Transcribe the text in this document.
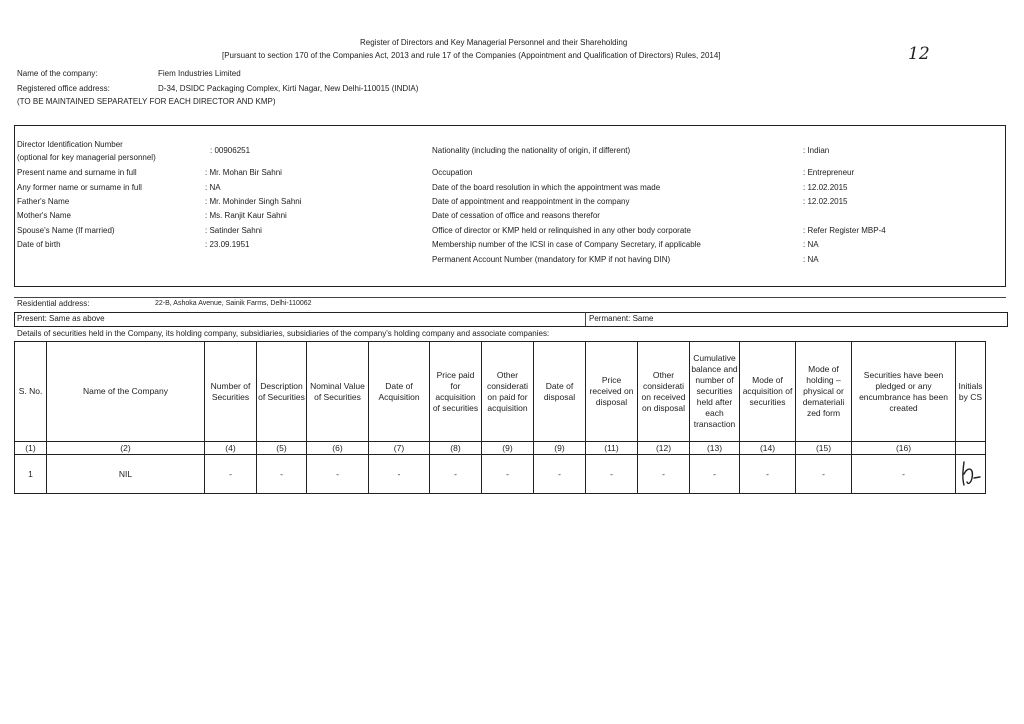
Register of Directors and Key Managerial Personnel and their Shareholding
[Pursuant to section 170 of the Companies Act, 2013 and rule 17 of the Companies (Appointment and Qualification of Directors) Rules, 2014]	12
Name of the company:	Fiem Industries Limited
Registered office address:	D-34, DSIDC Packaging Complex, Kirti Nagar, New Delhi-110015 (INDIA)
(TO BE MAINTAINED SEPARATELY FOR EACH DIRECTOR AND KMP)
Director Identification Number
(optional for key managerial personnel)
: 00906251
Present name and surname in full	: Mr. Mohan Bir Sahni
Any former name or surname in full	: NA
Father's Name	: Mr. Mohinder Singh Sahni
Mother's Name	: Ms. Ranjit Kaur Sahni
Spouse's Name (If married)	: Satinder Sahni
Date of birth	: 23.09.1951
Nationality (including the nationality of origin, if different)	: Indian
Occupation	: Entrepreneur
Date of the board resolution in which the appointment was made	: 12.02.2015
Date of appointment and reappointment in the company	: 12.02.2015
Date of cessation of office and reasons therefor
Office of director or KMP held or relinquished in any other body corporate	: Refer Register MBP-4
Membership number of the ICSI in case of Company Secretary, if applicable	: NA
Permanent Account Number (mandatory for KMP if not having DIN)	: NA
Residential address:	22-B, Ashoka Avenue, Sainik Farms, Delhi-110062
Present: Same as above	Permanent: Same
Details of securities held in the Company, its holding company, subsidiaries, subsidiaries of the company's holding company and associate companies:
S. No.	Name of the Company	Number of Securities	Description of Securities	Nominal Value of Securities	Date of Acquisition	Price paid for acquisition of securities	Other considerati on paid for acquisition	Date of disposal	Price received on disposal	Other considerati on received on disposal	Cumulative balance and number of securities held after each transaction	Mode of acquisition of securities	Mode of holding – physical or demateriali zed form	Securities have been pledged or any encumbrance has been created	Initials by CS
(1)	(2)	(4)	(5)	(6)	(7)	(8)	(9)	(9)	(11)	(12)	(13)	(14)	(15)	(16)	
1	NIL	-	-	-	-	-	-	-	-	-	-	-	-	-	
